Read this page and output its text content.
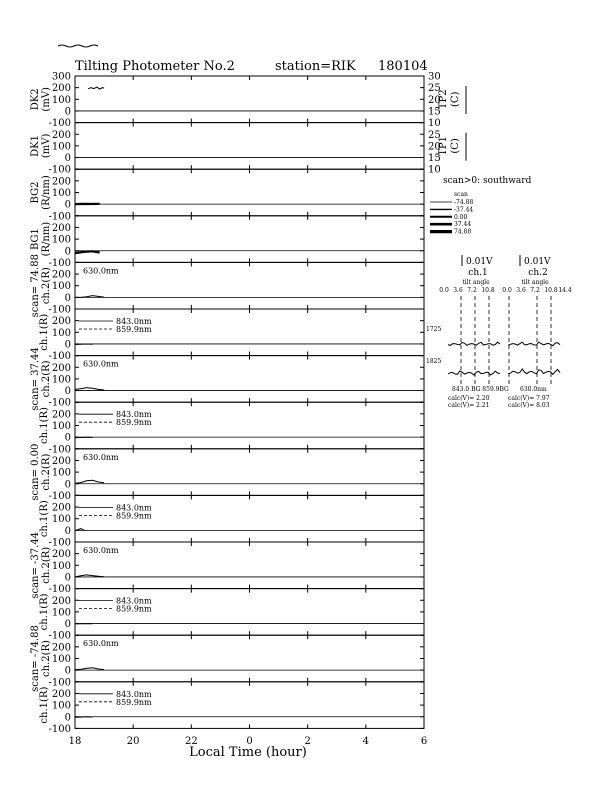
Tilting Photometer No.2	station=RIK 180104
300
200
100
0
-100
DK2 (mV)
30
25
20
15
10
TP2 (C)
200
100
0
-100
DK1 (mV)	25
20
15
10
TP1 (C)
200
100
0
-100
BG2 (R/nm)
200
100
0
-100
BG1 (R/nm)
200
100
0
-100
scan= 74.88 ch.2(R)	630.0nm
200
100
0
-100
ch.1(R)	843.0nm
859.9nm
200
100
0
-100
scan= 37.44 ch.2(R)	630.0nm
200
100
0
-100
ch.1(R)	843.0nm
859.9nm
200
100
0
-100
scan= 0.00 ch.2(R)	630.0nm
200
100
0
-100
ch.1(R)	843.0nm
859.9nm
200
100
0
-100
scan= -37.44 ch.2(R)	630.0nm
200
100
0
-100
ch.1(R)	843.0nm
859.9nm
200
100
0
-100
scan= -74.88 ch.2(R)	630.0nm
200
100
0
-100
ch.1(R)	843.0nm
859.9nm
18	20	22	0	2	4	6
Local Time (hour)
scan>0: southward
scan
-74.88
-37.44
0.00
37.44
74.88
0.01V	0.01V
ch.1	ch.2
tilt angle	tilt angle
0.0 3.6 7.2 10.8 0.0 3.6 7.2 10.8 14.4
1725
1825
843.0 BG 859.9BG 630.0nm
calc(V)= 2.20
calc(V)= 2.21
calc(V)= 7.97
calc(V)= 8.03
